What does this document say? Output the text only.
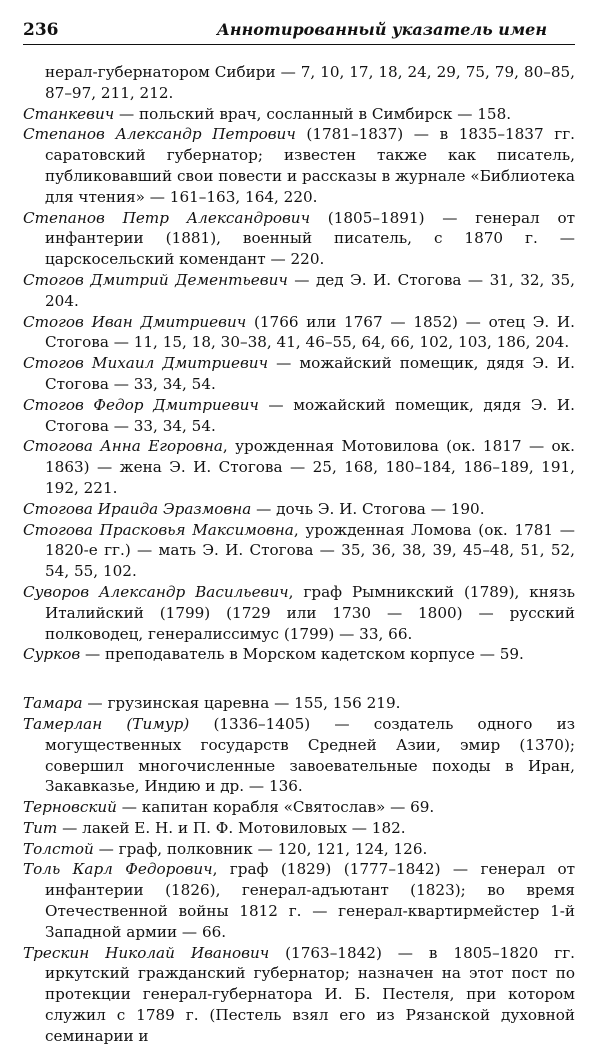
236	Аннотированный указатель имен

нерал-губернатором Сибири — 7, 10, 17, 18, 24, 29, 75, 79, 80–85, 87–97, 211, 212.

Станкевич — польский врач, сосланный в Симбирск — 158.

Степанов Александр Петрович (1781–1837) — в 1835–1837 гг. саратовский губернатор; известен также как писатель, публиковавший свои повести и рассказы в журнале «Библиотека для чтения» — 161–163, 164, 220.

Степанов Петр Александрович (1805–1891) — генерал от инфантерии (1881), военный писатель, с 1870 г. — царскосельский комендант — 220.

Стогов Дмитрий Дементьевич — дед Э. И. Стогова — 31, 32, 35, 204.

Стогов Иван Дмитриевич (1766 или 1767 — 1852) — отец Э. И. Стогова — 11, 15, 18, 30–38, 41, 46–55, 64, 66, 102, 103, 186, 204.

Стогов Михаил Дмитриевич — можайский помещик, дядя Э. И. Стогова — 33, 34, 54.

Стогов Федор Дмитриевич — можайский помещик, дядя Э. И. Стогова — 33, 34, 54.

Стогова Анна Егоровна, урожденная Мотовилова (ок. 1817 — ок. 1863) — жена Э. И. Стогова — 25, 168, 180–184, 186–189, 191, 192, 221.

Стогова Ираида Эразмовна — дочь Э. И. Стогова — 190.

Стогова Прасковья Максимовна, урожденная Ломова (ок. 1781 — 1820-е гг.) — мать Э. И. Стогова — 35, 36, 38, 39, 45–48, 51, 52, 54, 55, 102.

Суворов Александр Васильевич, граф Рымникский (1789), князь Италийский (1799) (1729 или 1730 — 1800) — русский полководец, генералиссимус (1799) — 33, 66.

Сурков — преподаватель в Морском кадетском корпусе — 59.

Тамара — грузинская царевна — 155, 156 219.

Тамерлан (Тимур) (1336–1405) — создатель одного из могущественных государств Средней Азии, эмир (1370); совершил многочисленные завоевательные походы в Иран, Закавказье, Индию и др. — 136.

Терновский — капитан корабля «Святослав» — 69.

Тит — лакей Е. Н. и П. Ф. Мотовиловых — 182.

Толстой — граф, полковник — 120, 121, 124, 126.

Толь Карл Федорович, граф (1829) (1777–1842) — генерал от инфантерии (1826), генерал-адъютант (1823); во время Отечественной войны 1812 г. — генерал-квартирмейстер 1-й Западной армии — 66.

Трескин Николай Иванович (1763–1842) — в 1805–1820 гг. иркутский гражданский губернатор; назначен на этот пост по протекции генерал-губернатора И. Б. Пестеля, при котором служил с 1789 г. (Пестель взял его из Рязанской духовной семинарии и
